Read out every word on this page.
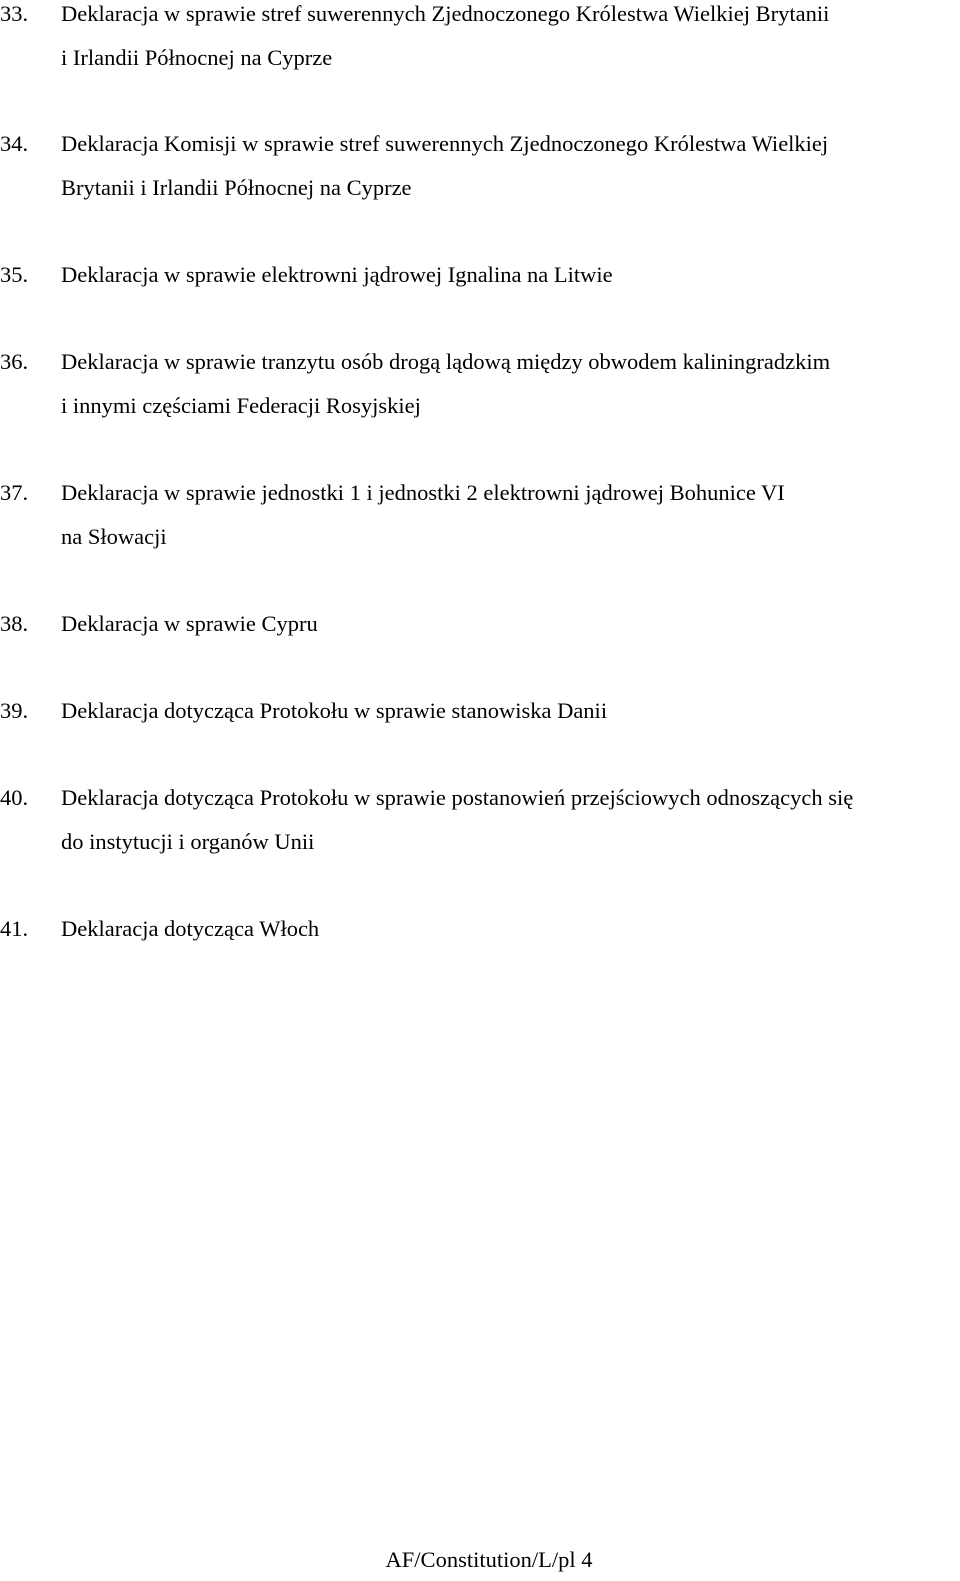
33.	Deklaracja w sprawie stref suwerennych Zjednoczonego Królestwa Wielkiej Brytanii
i Irlandii Północnej na Cyprze
34.	Deklaracja Komisji w sprawie stref suwerennych Zjednoczonego Królestwa Wielkiej
Brytanii i Irlandii Północnej na Cyprze
35.	Deklaracja w sprawie elektrowni jądrowej Ignalina na Litwie
36.	Deklaracja w sprawie tranzytu osób drogą lądową między obwodem kaliningradzkim
i innymi częściami Federacji Rosyjskiej
37.	Deklaracja w sprawie jednostki 1 i jednostki 2 elektrowni jądrowej Bohunice VI
na Słowacji
38.	Deklaracja w sprawie Cypru
39.	Deklaracja dotycząca Protokołu w sprawie stanowiska Danii
40.	Deklaracja dotycząca Protokołu w sprawie postanowień przejściowych odnoszących się
do instytucji i organów Unii
41.	Deklaracja dotycząca Włoch
AF/Constitution/L/pl 4
